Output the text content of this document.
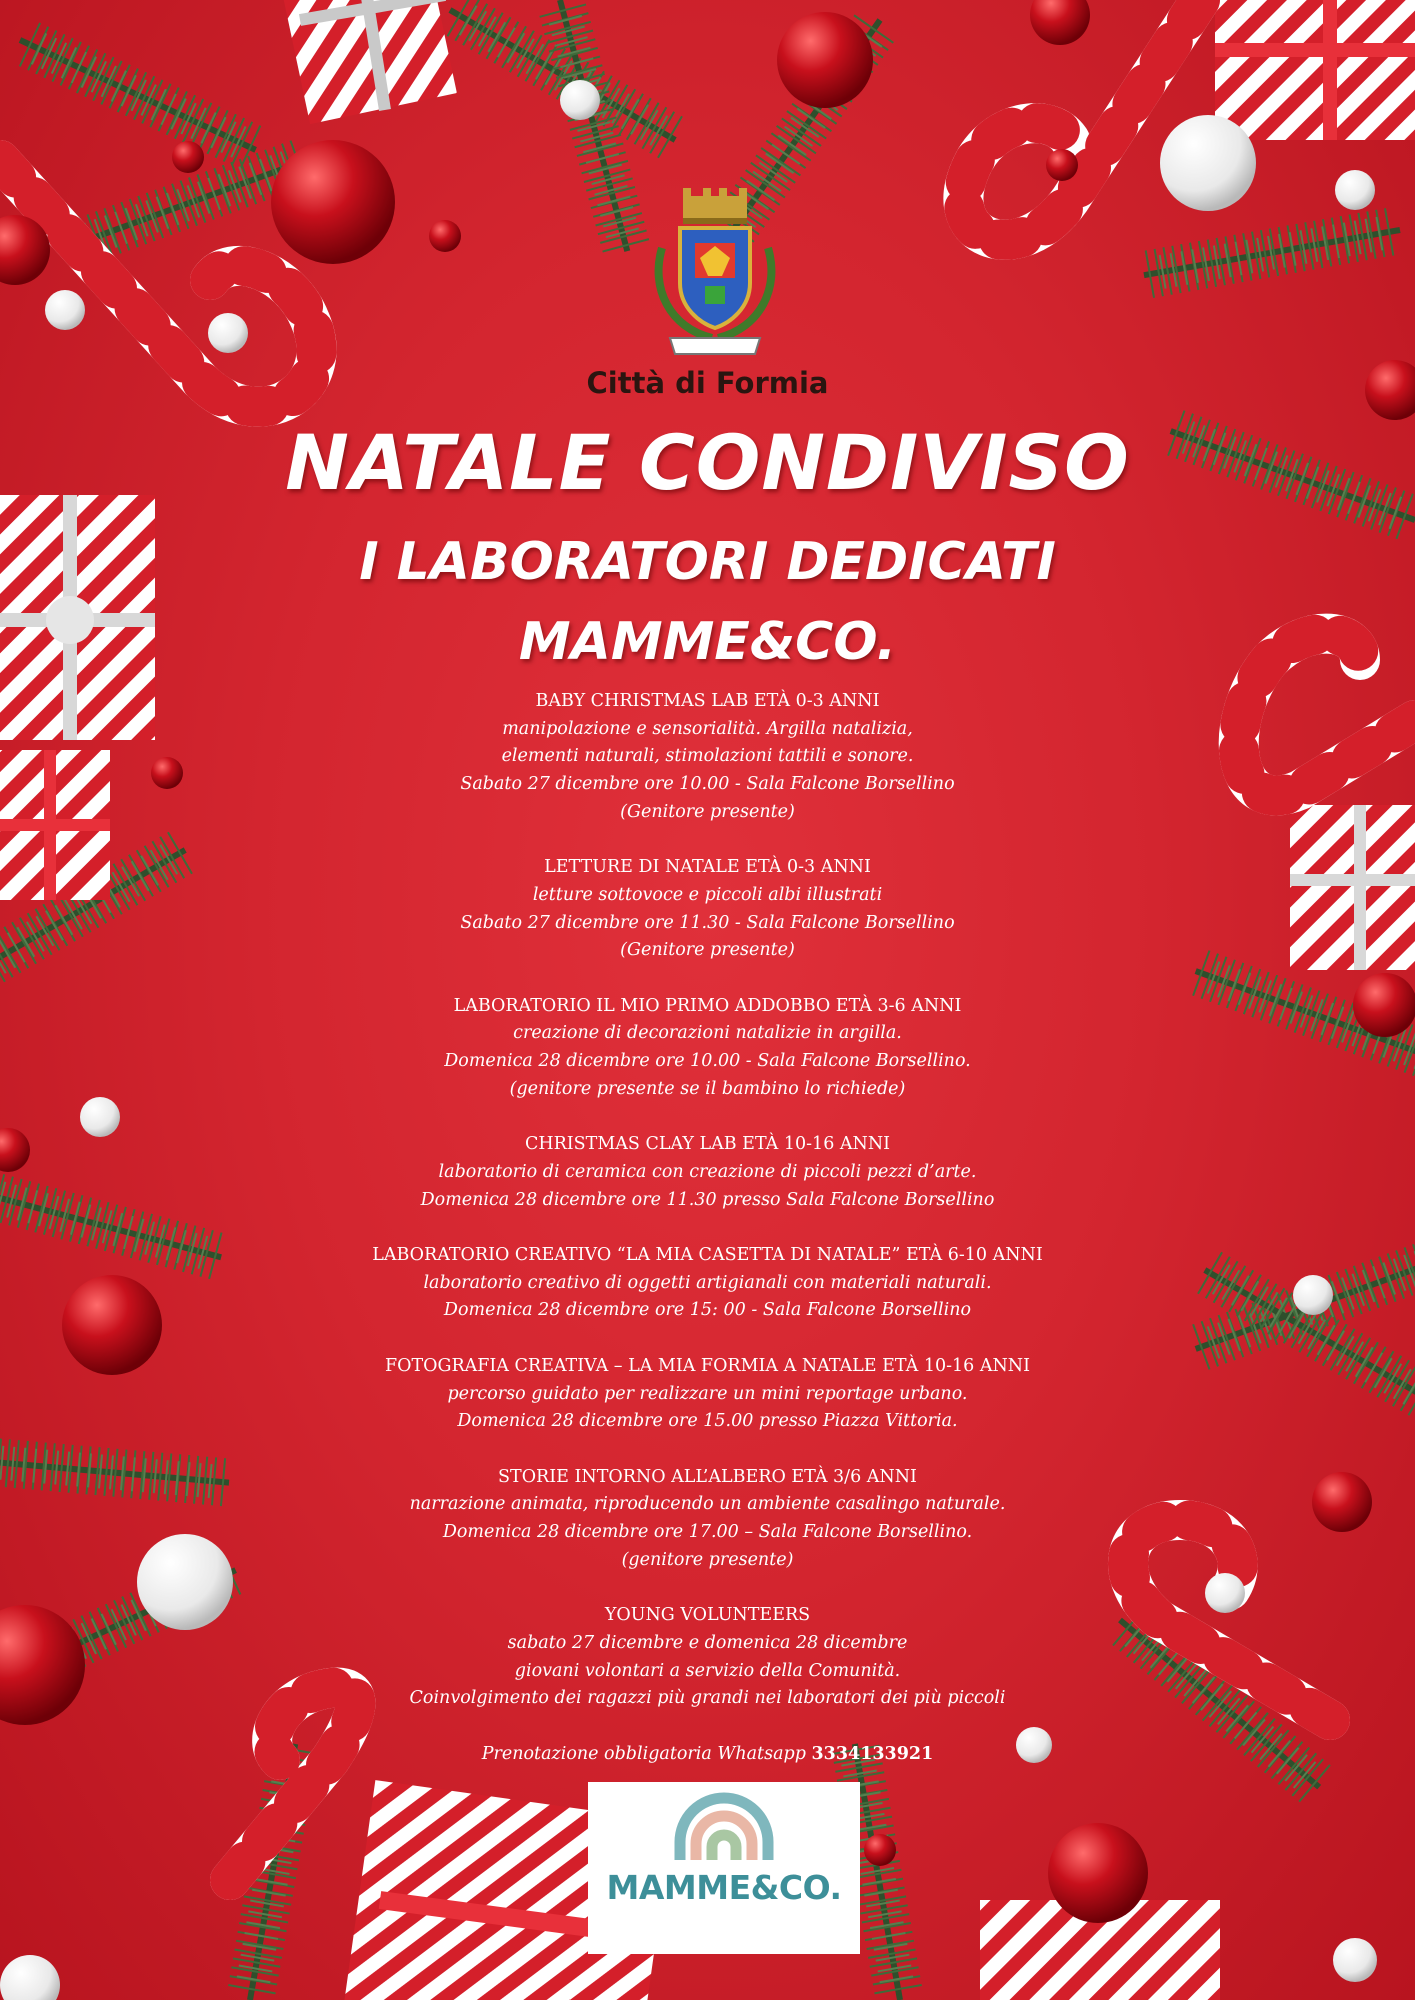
Città di Formia

NATALE CONDIVISO
I LABORATORI DEDICATI
MAMME&CO.
BABY CHRISTMAS LAB ETÀ 0-3 ANNI
manipolazione e sensorialità. Argilla natalizia,
elementi naturali, stimolazioni tattili e sonore.
Sabato 27 dicembre ore 10.00 - Sala Falcone Borsellino
(Genitore presente)
LETTURE DI NATALE ETÀ 0-3 ANNI
letture sottovoce e piccoli albi illustrati
Sabato 27 dicembre ore 11.30 - Sala Falcone Borsellino
(Genitore presente)
LABORATORIO IL MIO PRIMO ADDOBBO ETÀ 3-6 ANNI
creazione di decorazioni natalizie in argilla.
Domenica 28 dicembre ore 10.00 - Sala Falcone Borsellino.
(genitore presente se il bambino lo richiede)
CHRISTMAS CLAY LAB ETÀ 10-16 ANNI
laboratorio di ceramica con creazione di piccoli pezzi d’arte.
Domenica 28 dicembre ore 11.30 presso Sala Falcone Borsellino
LABORATORIO CREATIVO “LA MIA CASETTA DI NATALE” ETÀ 6-10 ANNI
laboratorio creativo di oggetti artigianali con materiali naturali.
Domenica 28 dicembre ore 15: 00 - Sala Falcone Borsellino
FOTOGRAFIA CREATIVA – LA MIA FORMIA A NATALE ETÀ 10-16 ANNI
percorso guidato per realizzare un mini reportage urbano.
Domenica 28 dicembre ore 15.00 presso Piazza Vittoria.
STORIE INTORNO ALL’ALBERO ETÀ 3/6 ANNI
narrazione animata, riproducendo un ambiente casalingo naturale.
Domenica 28 dicembre ore 17.00 – Sala Falcone Borsellino.
(genitore presente)
YOUNG VOLUNTEERS
sabato 27 dicembre e domenica 28 dicembre
giovani volontari a servizio della Comunità.
Coinvolgimento dei ragazzi più grandi nei laboratori dei più piccoli

Prenotazione obbligatoria Whatsapp 3334133921

MAMME&CO.
